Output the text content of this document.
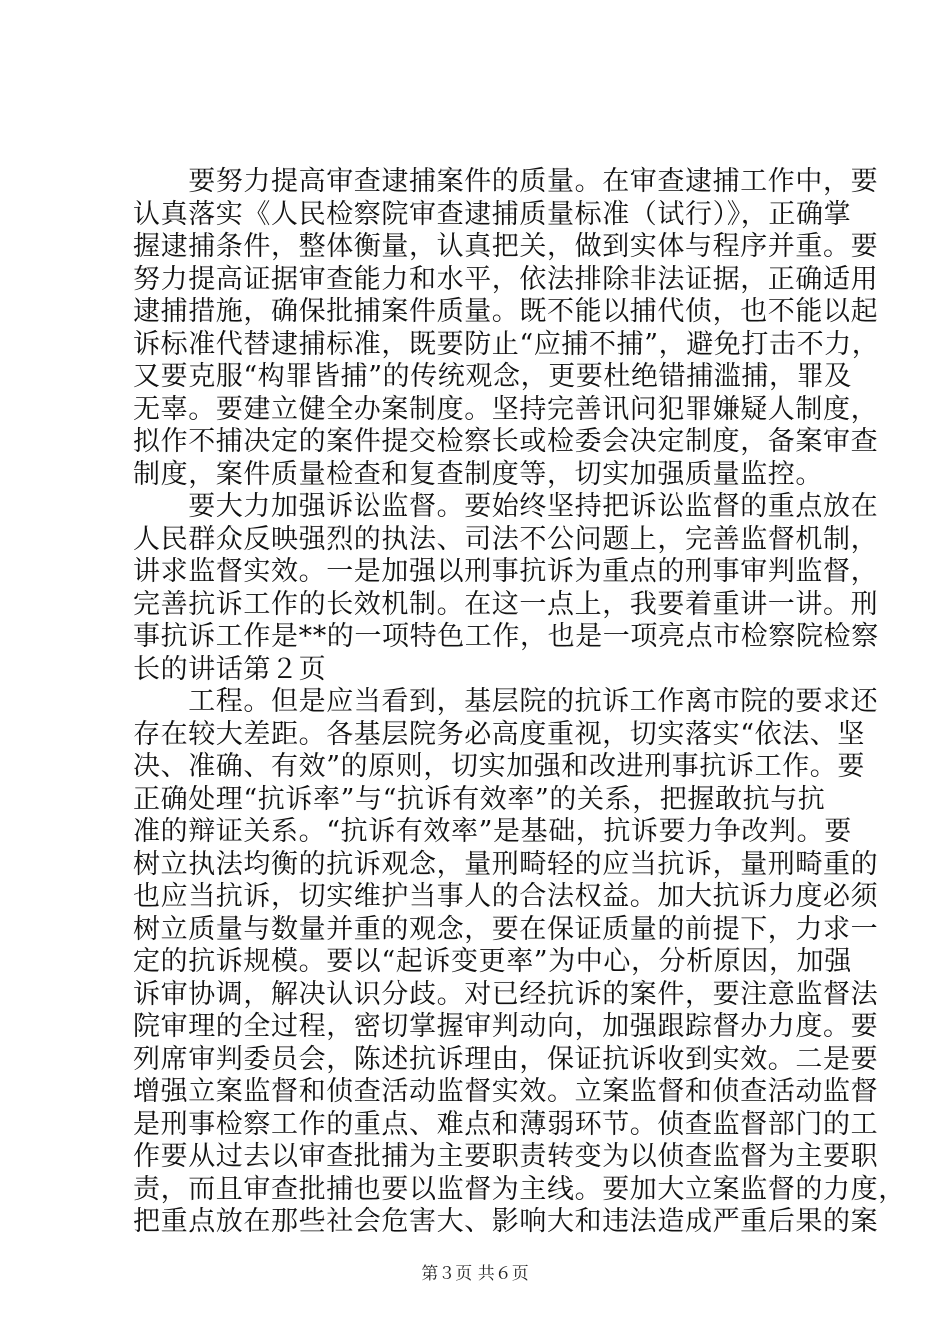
　　要努力提高审查逮捕案件的质量。在审查逮捕工作中，要
认真落实《人民检察院审查逮捕质量标准（试行）》，正确掌
握逮捕条件，整体衡量，认真把关，做到实体与程序并重。要
努力提高证据审查能力和水平，依法排除非法证据，正确适用
逮捕措施，确保批捕案件质量。既不能以捕代侦，也不能以起
诉标准代替逮捕标准，既要防止“应捕不捕”，避免打击不力，
又要克服“构罪皆捕”的传统观念，更要杜绝错捕滥捕，罪及
无辜。要建立健全办案制度。坚持完善讯问犯罪嫌疑人制度，
拟作不捕决定的案件提交检察长或检委会决定制度，备案审查
制度，案件质量检查和复查制度等，切实加强质量监控。
　　要大力加强诉讼监督。要始终坚持把诉讼监督的重点放在
人民群众反映强烈的执法、司法不公问题上，完善监督机制，
讲求监督实效。一是加强以刑事抗诉为重点的刑事审判监督，
完善抗诉工作的长效机制。在这一点上，我要着重讲一讲。刑
事抗诉工作是**的一项特色工作，也是一项亮点市检察院检察
长的讲话第２页
　　工程。但是应当看到，基层院的抗诉工作离市院的要求还
存在较大差距。各基层院务必高度重视，切实落实“依法、坚
决、准确、有效”的原则，切实加强和改进刑事抗诉工作。要
正确处理“抗诉率”与“抗诉有效率”的关系，把握敢抗与抗
准的辩证关系。“抗诉有效率”是基础，抗诉要力争改判。要
树立执法均衡的抗诉观念，量刑畸轻的应当抗诉，量刑畸重的
也应当抗诉，切实维护当事人的合法权益。加大抗诉力度必须
树立质量与数量并重的观念，要在保证质量的前提下，力求一
定的抗诉规模。要以“起诉变更率”为中心，分析原因，加强
诉审协调，解决认识分歧。对已经抗诉的案件，要注意监督法
院审理的全过程，密切掌握审判动向，加强跟踪督办力度。要
列席审判委员会，陈述抗诉理由，保证抗诉收到实效。二是要
增强立案监督和侦查活动监督实效。立案监督和侦查活动监督
是刑事检察工作的重点、难点和薄弱环节。侦查监督部门的工
作要从过去以审查批捕为主要职责转变为以侦查监督为主要职
责，而且审查批捕也要以监督为主线。要加大立案监督的力度，
把重点放在那些社会危害大、影响大和违法造成严重后果的案
第３页 共６页
